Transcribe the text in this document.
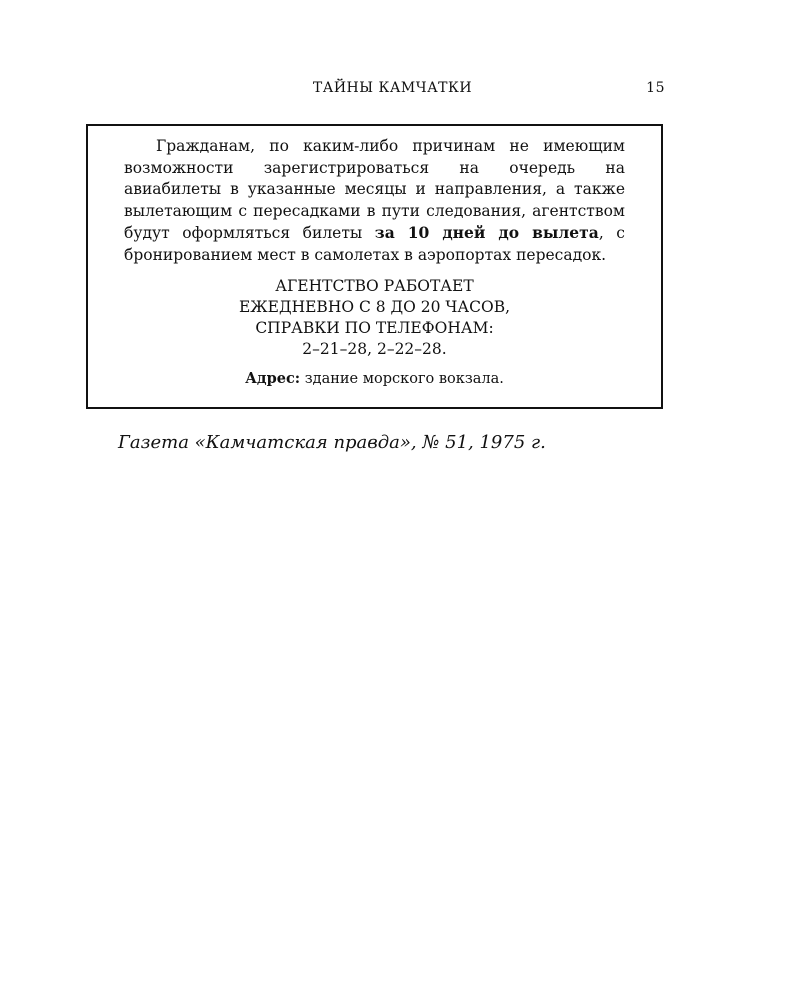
ТАЙНЫ КАМЧАТКИ	15

Гражданам, по каким-либо причинам не имеющим возможности зарегистрироваться на очередь на авиабилеты в указанные месяцы и направления, а также вылетающим с пересадками в пути следования, агентством будут оформляться билеты за 10 дней до вылета, с бронированием мест в самолетах в аэропортах пересадок.

АГЕНТСТВО РАБОТАЕТ
ЕЖЕДНЕВНО С 8 ДО 20 ЧАСОВ,
СПРАВКИ ПО ТЕЛЕФОНАМ:
2–21–28, 2–22–28.
Адрес: здание морского вокзала.
Газета «Камчатская правда», № 51, 1975 г.
